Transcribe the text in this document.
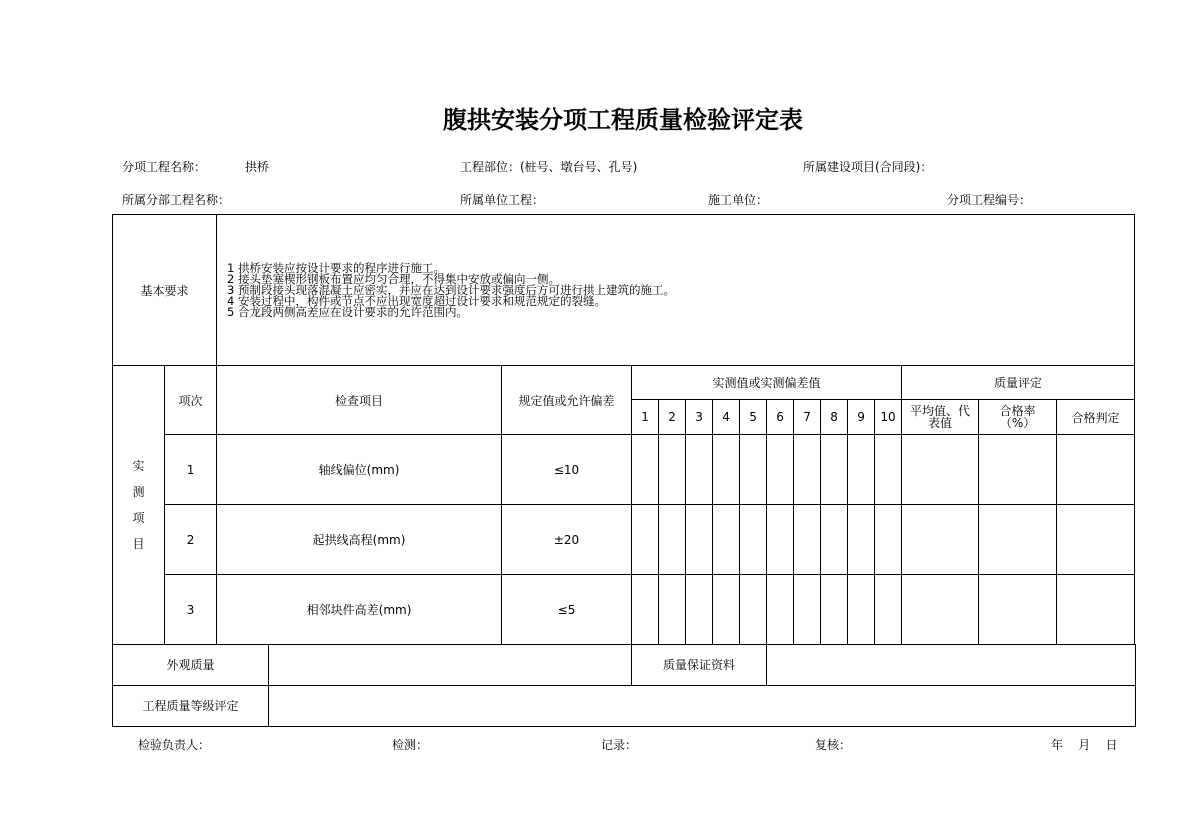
腹拱安装分项工程质量检验评定表
分项工程名称：	拱桥	工程部位：(桩号、墩台号、孔号)	所属建设项目(合同段)：
所属分部工程名称：	所属单位工程：	施工单位：	分项工程编号：
基本要求		1 拱桥安装应按设计要求的程序进行施工。
2 接头垫塞楔形钢板布置应均匀合理，不得集中安放或偏向一侧。
3 预制段接头现落混凝土应密实，并应在达到设计要求强度后方可进行拱上建筑的施工。
4 安装过程中，构件或节点不应出现宽度超过设计要求和规范规定的裂缝。
5 合龙段两侧高差应在设计要求的允许范围内。														

实
测
项
目	项次	检查项目	规定值或允许偏差	实测值或实测偏差值										质量评定		
				1	2	3	4	5	6	7	8	9	10	平均值、代表值	合格率（%）	合格判定
	1	轴线偏位(mm)	≤10													
	2	起拱线高程(mm)	±20													
	3	相邻块件高差(mm)	≤5													
外观质量		质量保证资料	
工程质量等级评定			
检验负责人：	检测：	记录：	复核：	年    月    日
